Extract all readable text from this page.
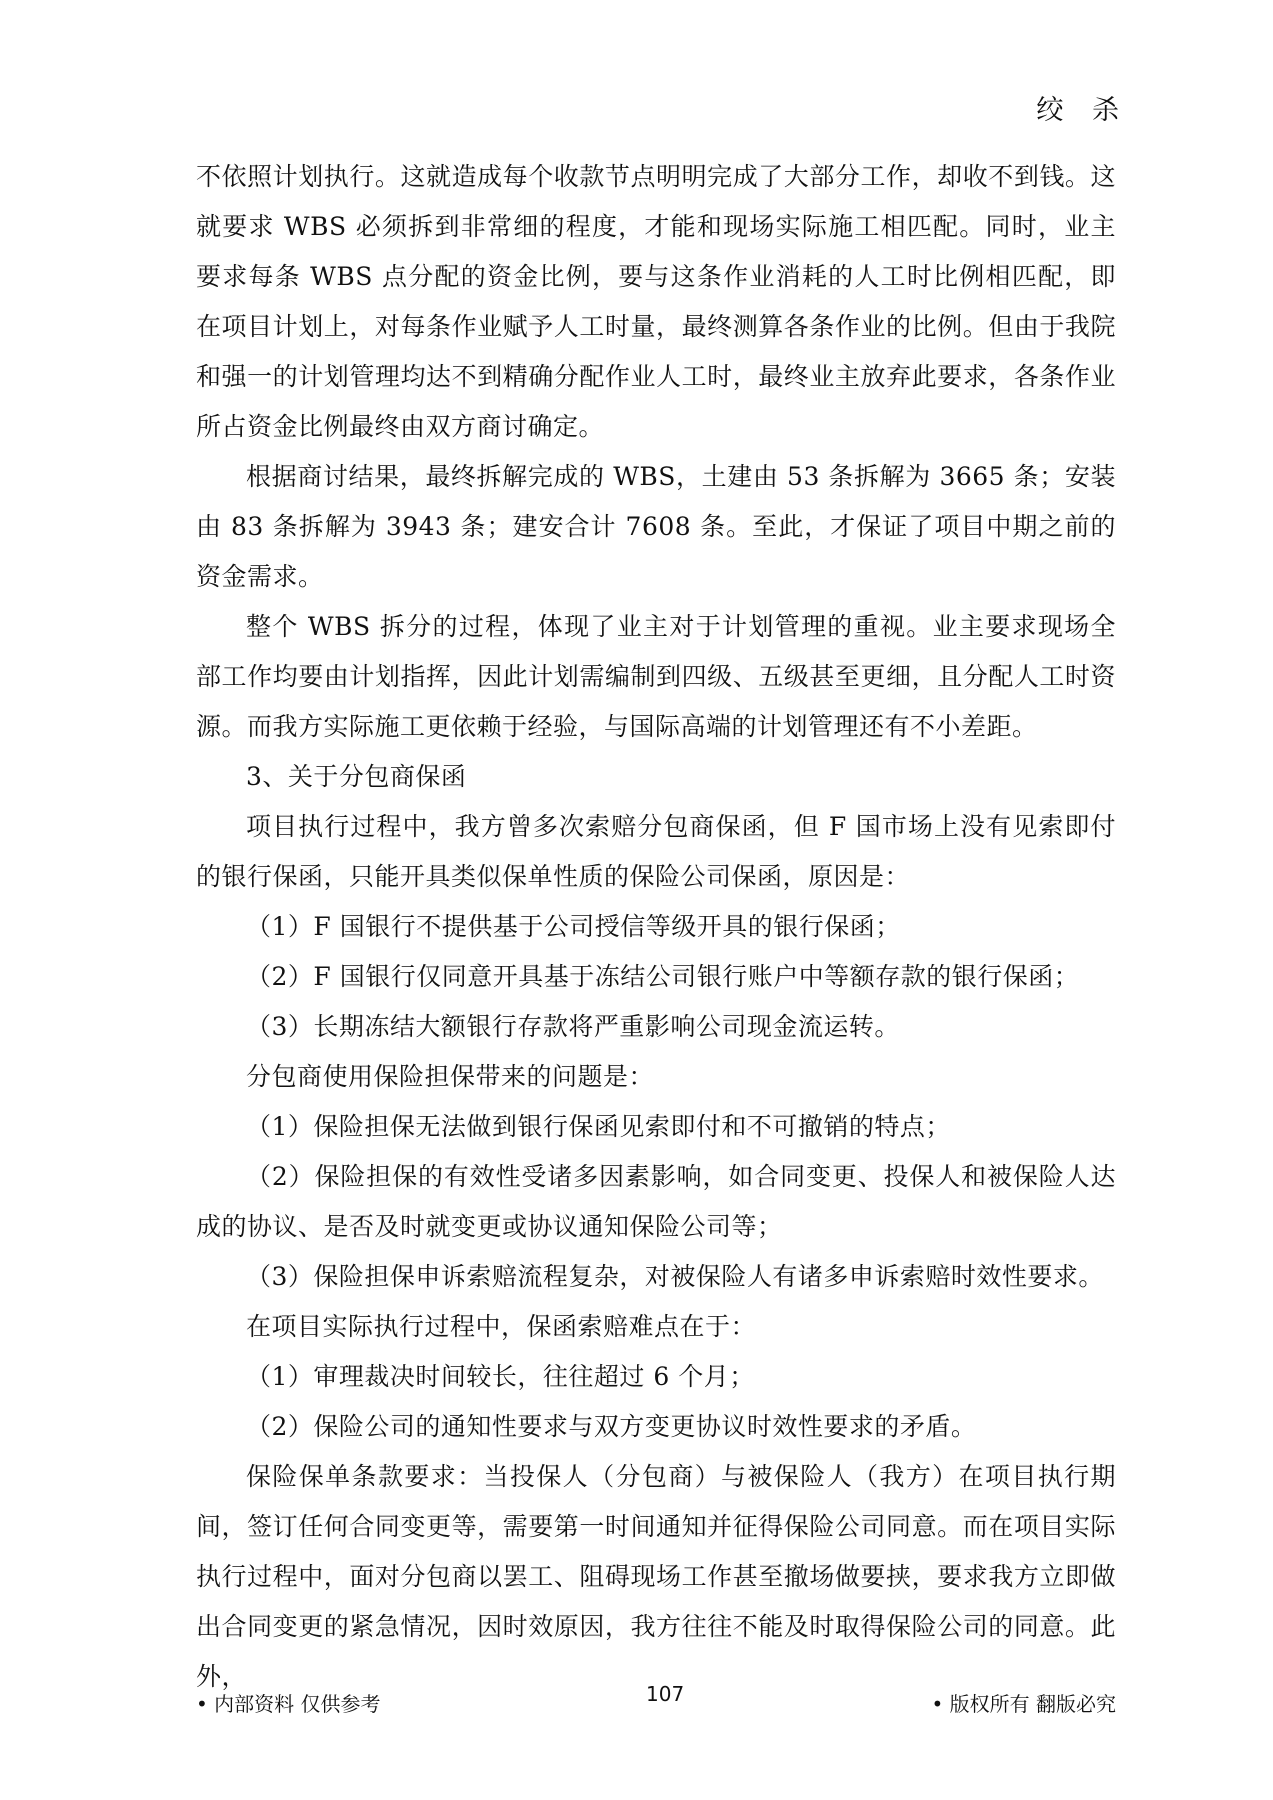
绞 杀

不依照计划执行。这就造成每个收款节点明明完成了大部分工作，却收不到钱。这就要求 WBS 必须拆到非常细的程度，才能和现场实际施工相匹配。同时，业主要求每条 WBS 点分配的资金比例，要与这条作业消耗的人工时比例相匹配，即在项目计划上，对每条作业赋予人工时量，最终测算各条作业的比例。但由于我院和强一的计划管理均达不到精确分配作业人工时，最终业主放弃此要求，各条作业所占资金比例最终由双方商讨确定。

根据商讨结果，最终拆解完成的 WBS，土建由 53 条拆解为 3665 条；安装由 83 条拆解为 3943 条；建安合计 7608 条。至此，才保证了项目中期之前的资金需求。

整个 WBS 拆分的过程，体现了业主对于计划管理的重视。业主要求现场全部工作均要由计划指挥，因此计划需编制到四级、五级甚至更细，且分配人工时资源。而我方实际施工更依赖于经验，与国际高端的计划管理还有不小差距。

3、关于分包商保函

项目执行过程中，我方曾多次索赔分包商保函，但 F 国市场上没有见索即付的银行保函，只能开具类似保单性质的保险公司保函，原因是：

（1）F 国银行不提供基于公司授信等级开具的银行保函；

（2）F 国银行仅同意开具基于冻结公司银行账户中等额存款的银行保函；

（3）长期冻结大额银行存款将严重影响公司现金流运转。

分包商使用保险担保带来的问题是：

（1）保险担保无法做到银行保函见索即付和不可撤销的特点；

（2）保险担保的有效性受诸多因素影响，如合同变更、投保人和被保险人达成的协议、是否及时就变更或协议通知保险公司等；

（3）保险担保申诉索赔流程复杂，对被保险人有诸多申诉索赔时效性要求。

在项目实际执行过程中，保函索赔难点在于：

（1）审理裁决时间较长，往往超过 6 个月；

（2）保险公司的通知性要求与双方变更协议时效性要求的矛盾。

保险保单条款要求：当投保人（分包商）与被保险人（我方）在项目执行期间，签订任何合同变更等，需要第一时间通知并征得保险公司同意。而在项目实际执行过程中，面对分包商以罢工、阻碍现场工作甚至撤场做要挟，要求我方立即做出合同变更的紧急情况，因时效原因，我方往往不能及时取得保险公司的同意。此外，

• 内部资料 仅供参考	107	• 版权所有 翻版必究
